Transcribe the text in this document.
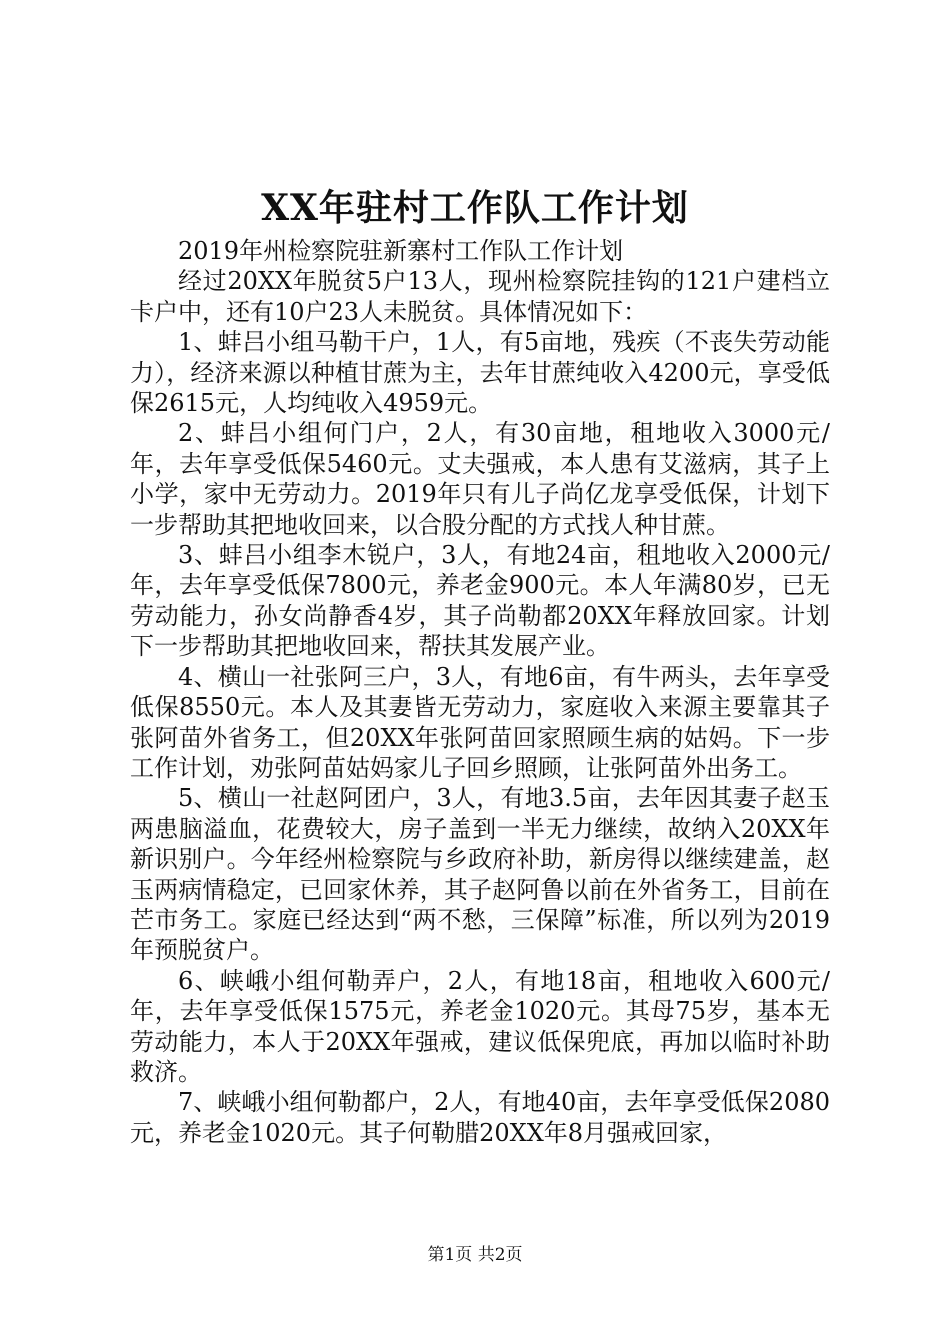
XX年驻村工作队工作计划

2019年州检察院驻新寨村工作队工作计划

经过20XX年脱贫5户13人，现州检察院挂钩的121户建档立卡户中，还有10户23人未脱贫。具体情况如下：

1、蚌吕小组马勒干户，1人，有5亩地，残疾（不丧失劳动能力），经济来源以种植甘蔗为主，去年甘蔗纯收入4200元，享受低保2615元，人均纯收入4959元。

2、蚌吕小组何门户，2人，有30亩地，租地收入3000元/年，去年享受低保5460元。丈夫强戒，本人患有艾滋病，其子上小学，家中无劳动力。2019年只有儿子尚亿龙享受低保，计划下一步帮助其把地收回来，以合股分配的方式找人种甘蔗。

3、蚌吕小组李木锐户，3人，有地24亩，租地收入2000元/年，去年享受低保7800元，养老金900元。本人年满80岁，已无劳动能力，孙女尚静香4岁，其子尚勒都20XX年释放回家。计划下一步帮助其把地收回来，帮扶其发展产业。

4、横山一社张阿三户，3人，有地6亩，有牛两头，去年享受低保8550元。本人及其妻皆无劳动力，家庭收入来源主要靠其子张阿苗外省务工，但20XX年张阿苗回家照顾生病的姑妈。下一步工作计划，劝张阿苗姑妈家儿子回乡照顾，让张阿苗外出务工。

5、横山一社赵阿团户，3人，有地3.5亩，去年因其妻子赵玉两患脑溢血，花费较大，房子盖到一半无力继续，故纳入20XX年新识别户。今年经州检察院与乡政府补助，新房得以继续建盖，赵玉两病情稳定，已回家休养，其子赵阿鲁以前在外省务工，目前在芒市务工。家庭已经达到“两不愁，三保障”标准，所以列为2019年预脱贫户。

6、峡峨小组何勒弄户，2人，有地18亩，租地收入600元/年，去年享受低保1575元，养老金1020元。其母75岁，基本无劳动能力，本人于20XX年强戒，建议低保兜底，再加以临时补助救济。

7、峡峨小组何勒都户，2人，有地40亩，去年享受低保2080元，养老金1020元。其子何勒腊20XX年8月强戒回家，

第1页 共2页
